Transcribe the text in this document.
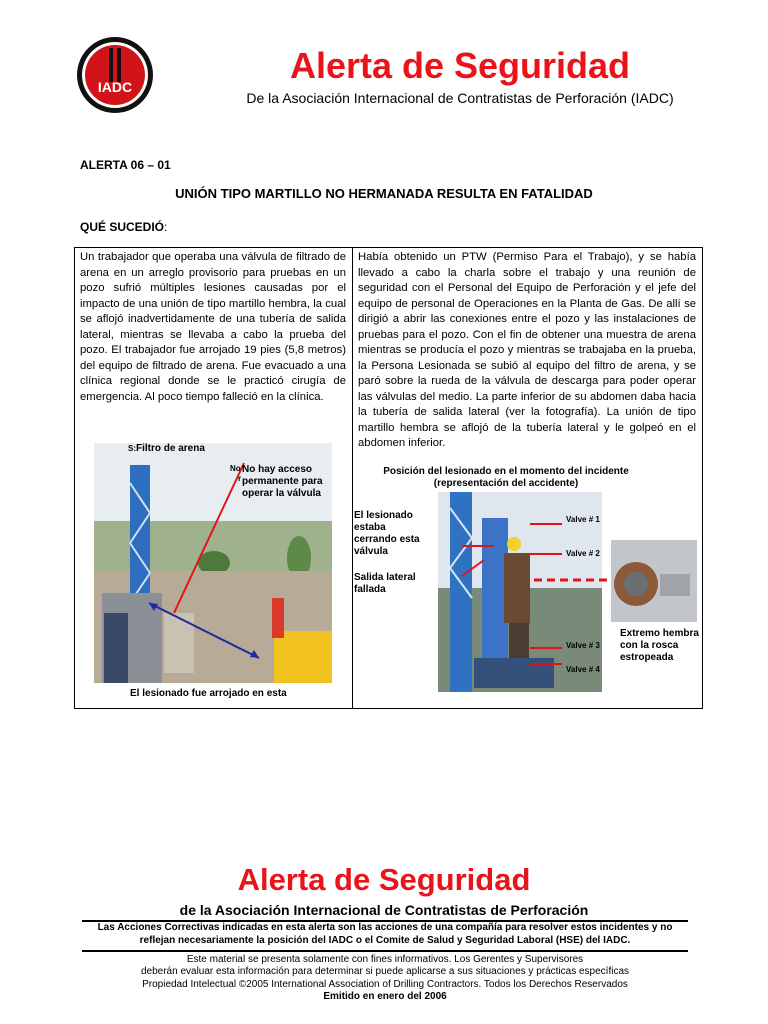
IADC
Alerta de Seguridad
De la Asociación Internacional de Contratistas de Perforación (IADC)
ALERTA 06 – 01
UNIÓN TIPO MARTILLO NO HERMANADA RESULTA EN FATALIDAD
QUÉ SUCEDIÓ:

Un trabajador que operaba una válvula de filtrado de arena en un arreglo provisorio para pruebas en un pozo sufrió múltiples lesiones causadas por el impacto de una unión de tipo martillo hembra, la cual se aflojó inadvertidamente de una tubería de salida lateral, mientras se llevaba a cabo la prueba del pozo. El trabajador fue arrojado 19 pies (5,8 metros) del equipo de filtrado de arena. Fue evacuado a una clínica regional donde se le practicó cirugía de emergencia. Al poco tiempo falleció en la clínica.

Había obtenido un PTW (Permiso Para el Trabajo), y se había llevado a cabo la charla sobre el trabajo y una reunión de seguridad con el Personal del Equipo de Perforación y el jefe del equipo de personal de Operaciones en la Planta de Gas. De allí se dirigió a abrir las conexiones entre el pozo y las instalaciones de pruebas para el pozo. Con el fin de obtener una muestra de arena mientras se producía el pozo y mientras se trabajaba en la prueba, la Persona Lesionada se subió al equipo del filtro de arena, y se paró sobre la rueda de la válvula de descarga para poder operar las válvulas del medio. La parte inferior de su abdomen daba hacia la tubería de salida lateral (ver la fotografía). La unión de tipo martillo hembra se aflojó de la tubería lateral y le golpeó en el abdomen inferior.

S:Filtro de arena
No
r
No hay acceso permanente para operar la válvula
El lesionado fue arrojado en esta
Posición del lesionado en el momento del incidente
(representación del accidente)
El lesionado estaba cerrando esta válvula
Salida lateral fallada
Valve # 1
Valve # 2
Valve # 3
Valve # 4
Extremo hembra con la rosca estropeada
Alerta de Seguridad
de la Asociación Internacional de Contratistas de Perforación
Las Acciones Correctivas indicadas en esta alerta son las acciones de una compañía para resolver estos incidentes y no reflejan necesariamente la posición del IADC o el Comite de Salud y Seguridad Laboral (HSE) del IADC.
Este material se presenta solamente con fines informativos. Los Gerentes y Supervisores
deberán evaluar esta información para determinar si puede aplicarse a sus situaciones y prácticas específicas
Propiedad Intelectual ©2005 International Association of Drilling Contractors. Todos los Derechos Reservados
Emitido en enero del 2006
